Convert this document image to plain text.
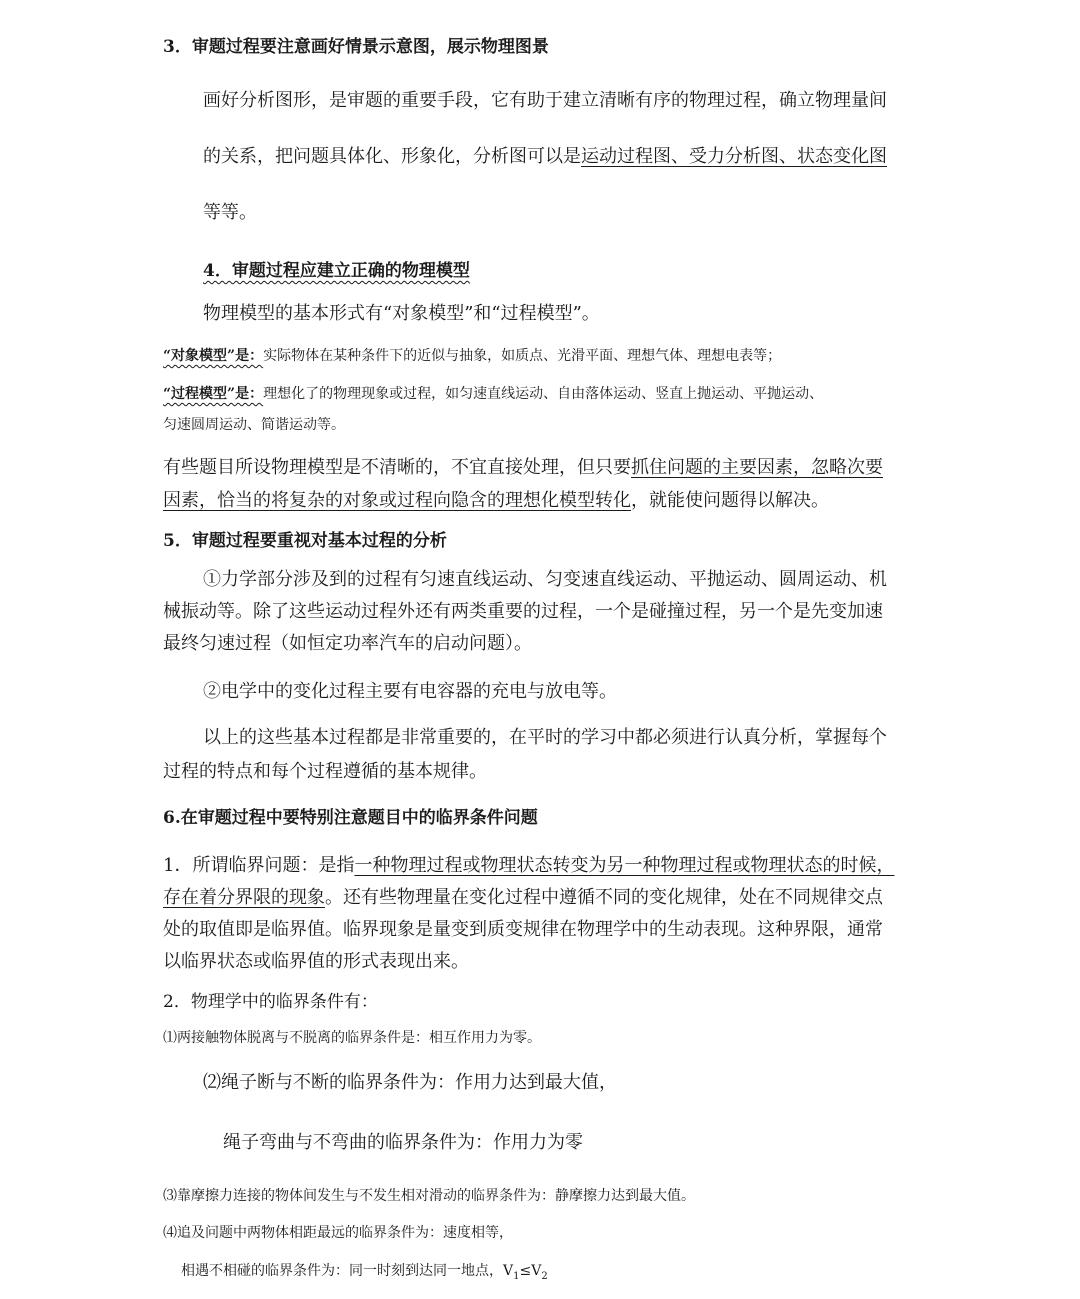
3．审题过程要注意画好情景示意图，展示物理图景

画好分析图形，是审题的重要手段，它有助于建立清晰有序的物理过程，确立物理量间

的关系，把问题具体化、形象化，分析图可以是运动过程图、受力分析图、状态变化图

等等。

4．审题过程应建立正确的物理模型

物理模型的基本形式有“对象模型”和“过程模型”。

“对象模型”是：实际物体在某种条件下的近似与抽象，如质点、光滑平面、理想气体、理想电表等；

“过程模型”是：理想化了的物理现象或过程，如匀速直线运动、自由落体运动、竖直上抛运动、平抛运动、

匀速圆周运动、简谐运动等。

有些题目所设物理模型是不清晰的，不宜直接处理，但只要抓住问题的主要因素，忽略次要

因素，恰当的将复杂的对象或过程向隐含的理想化模型转化，就能使问题得以解决。

5．审题过程要重视对基本过程的分析

①力学部分涉及到的过程有匀速直线运动、匀变速直线运动、平抛运动、圆周运动、机

械振动等。除了这些运动过程外还有两类重要的过程，一个是碰撞过程，另一个是先变加速

最终匀速过程（如恒定功率汽车的启动问题）。

②电学中的变化过程主要有电容器的充电与放电等。

以上的这些基本过程都是非常重要的，在平时的学习中都必须进行认真分析，掌握每个

过程的特点和每个过程遵循的基本规律。

6.在审题过程中要特别注意题目中的临界条件问题

1．所谓临界问题：是指一种物理过程或物理状态转变为另一种物理过程或物理状态的时候，

存在着分界限的现象。还有些物理量在变化过程中遵循不同的变化规律，处在不同规律交点

处的取值即是临界值。临界现象是量变到质变规律在物理学中的生动表现。这种界限，通常

以临界状态或临界值的形式表现出来。

2．物理学中的临界条件有：

⑴两接触物体脱离与不脱离的临界条件是：相互作用力为零。

⑵绳子断与不断的临界条件为：作用力达到最大值，

绳子弯曲与不弯曲的临界条件为：作用力为零

⑶靠摩擦力连接的物体间发生与不发生相对滑动的临界条件为：静摩擦力达到最大值。

⑷追及问题中两物体相距最远的临界条件为：速度相等，

相遇不相碰的临界条件为：同一时刻到达同一地点，$V_1\le V_2$
